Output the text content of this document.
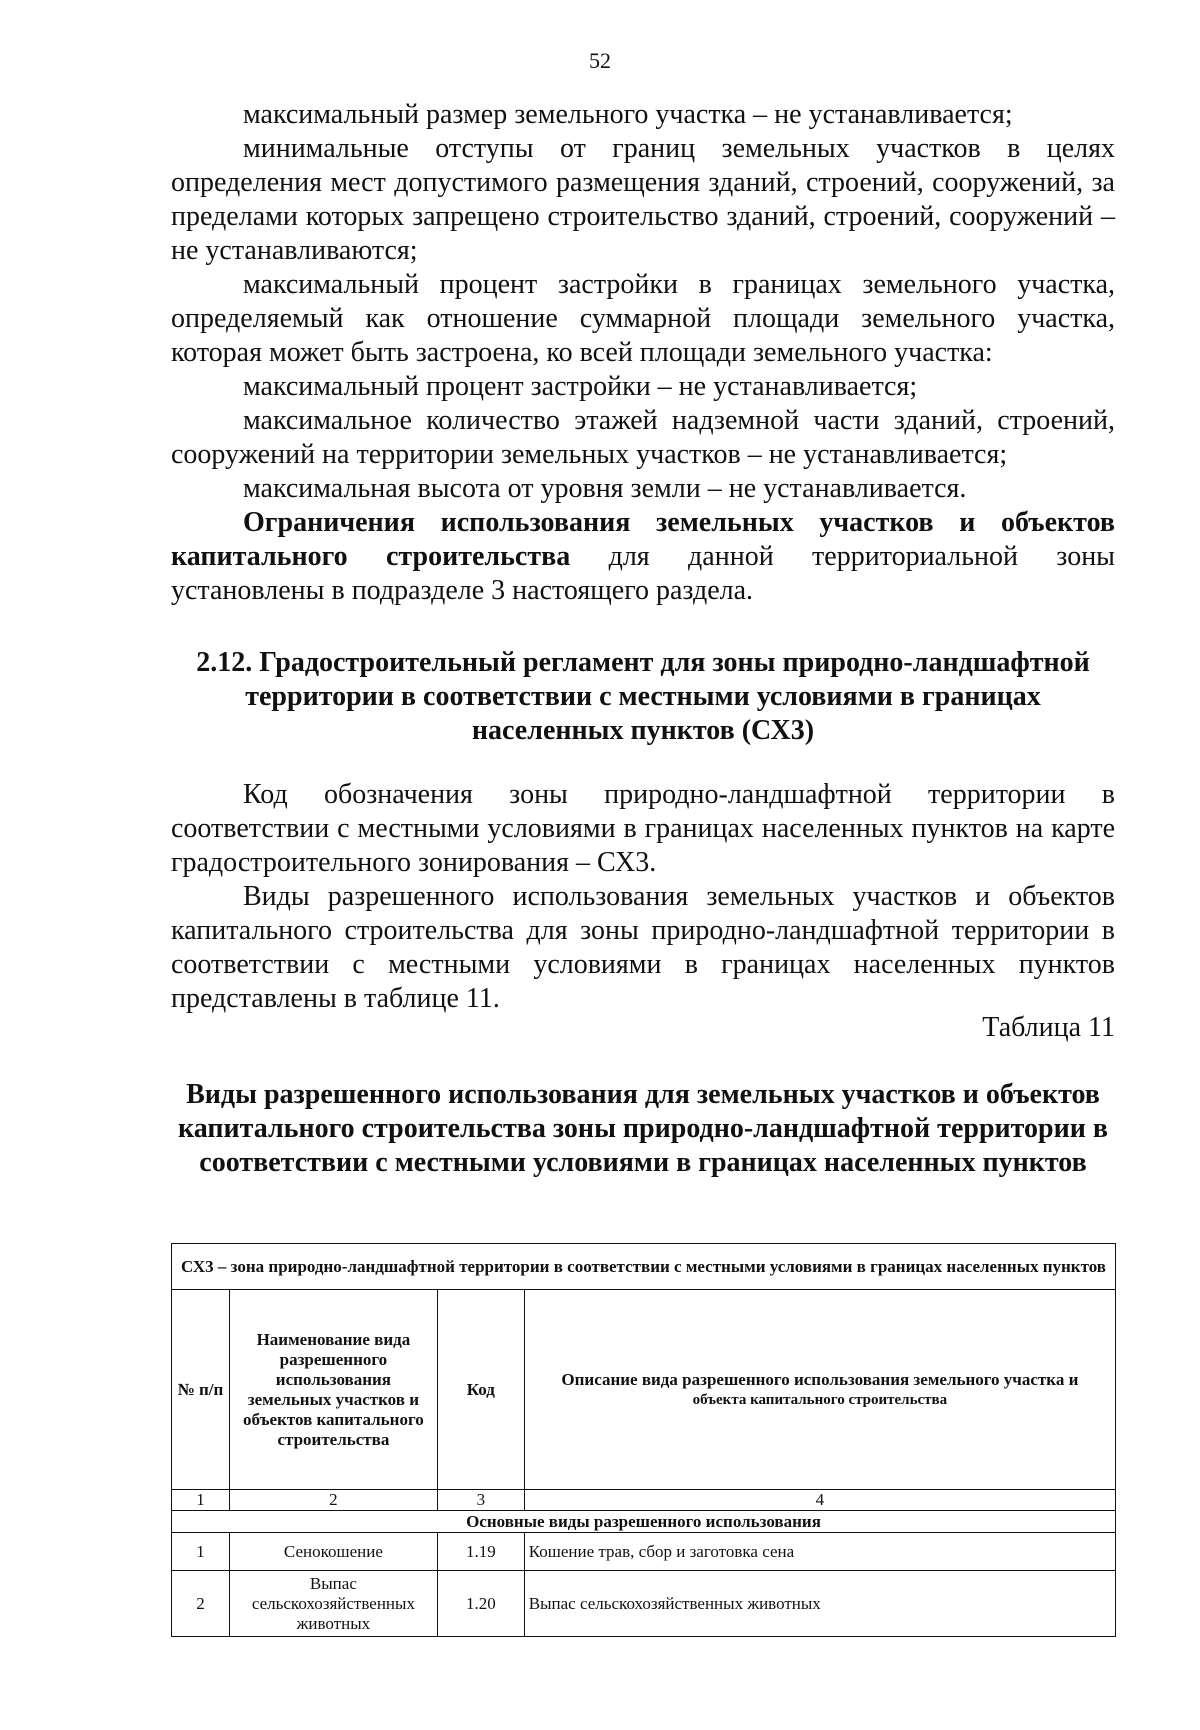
52

максимальный размер земельного участка – не устанавливается;

минимальные отступы от границ земельных участков в целях определения мест допустимого размещения зданий, строений, сооружений, за пределами которых запрещено строительство зданий, строений, сооружений – не устанавливаются;

максимальный процент застройки в границах земельного участка, определяемый как отношение суммарной площади земельного участка, которая может быть застроена, ко всей площади земельного участка:

максимальный процент застройки – не устанавливается;

максимальное количество этажей надземной части зданий, строений, сооружений на территории земельных участков – не устанавливается;

максимальная высота от уровня земли – не устанавливается.

Ограничения использования земельных участков и объектов капитального строительства для данной территориальной зоны установлены в подразделе 3 настоящего раздела.

2.12. Градостроительный регламент для зоны природно-ландшафтной территории в соответствии с местными условиями в границах населенных пунктов (СХ3)

Код обозначения зоны природно-ландшафтной территории в соответствии с местными условиями в границах населенных пунктов на карте градостроительного зонирования – СХ3.

Виды разрешенного использования земельных участков и объектов капитального строительства для зоны природно-ландшафтной территории в соответствии с местными условиями в границах населенных пунктов представлены в таблице 11.

Таблица 11
Виды разрешенного использования для земельных участков и объектов капитального строительства зоны природно-ландшафтной территории в соответствии с местными условиями в границах населенных пунктов
СХ3 – зона природно-ландшафтной территории в соответствии с местными условиями в границах населенных пунктов			
№ п/п	Наименование вида разрешенного использования земельных участков и объектов капитального строительства	Код	Описание вида разрешенного использования земельного участка и
объекта капитального строительства

1	2	3	4
Основные виды разрешенного использования			
1	Сенокошение	1.19	Кошение трав, сбор и заготовка сена
2	Выпас сельскохозяйственных животных	1.20	Выпас сельскохозяйственных животных
